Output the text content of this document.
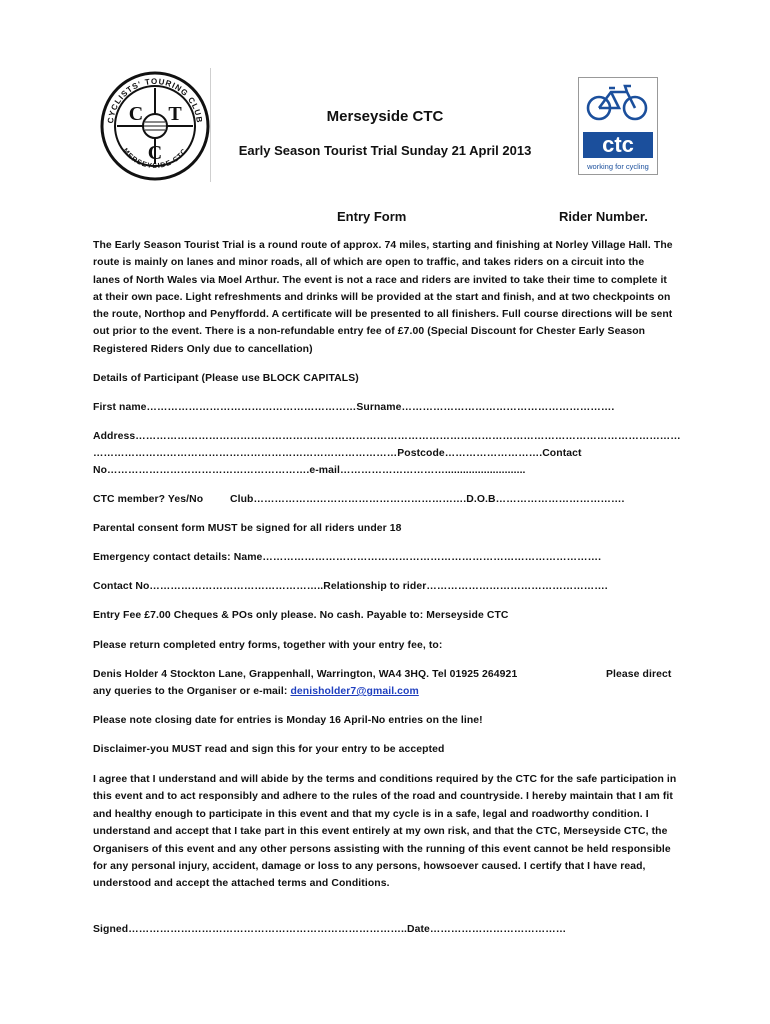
CYCLISTS' TOURING CLUB
MERSEYSIDE CTC
C T
C	ctc
working for cycling
Merseyside CTC
Early Season Tourist Trial Sunday 21 April 2013
Entry Form	Rider Number.
The Early Season Tourist Trial is a round route of approx. 74 miles, starting and finishing at Norley Village Hall. The route is mainly on lanes and minor roads, all of which are open to traffic, and takes riders on a circuit into the lanes of North Wales via Moel Arthur. The event is not a race and riders are invited to take their time to complete it at their own pace. Light refreshments and drinks will be provided at the start and finish, and at two checkpoints on the route, Northop and Penyffordd. A certificate will be presented to all finishers. Full course directions will be sent out prior to the event. There is a non-refundable entry fee of £7.00 (Special Discount for Chester Early Season Registered Riders Only due to cancellation)
Details of Participant (Please use BLOCK CAPITALS)
First name……………………………………………………Surname…………………………………………………….
Address…………………………………………………………………………………………………………………………………………
……………………………………………………………………………Postcode……………………….Contact
No………………………………………………….e-mail…………………………...........................
CTC member? Yes/No	Club…………………………………………………….D.O.B……………………………….
Parental consent form MUST be signed for all riders under 18
Emergency contact details: Name…………………………………………………………………………………….
Contact No…………………………………………..Relationship to rider…………………………………………….
Entry Fee £7.00 Cheques & POs only please. No cash. Payable to: Merseyside CTC
Please return completed entry forms, together with your entry fee, to:
Denis Holder 4 Stockton Lane, Grappenhall, Warrington, WA4 3HQ. Tel 01925 264921	Please direct
any queries to the Organiser or e-mail: denisholder7@gmail.com
Please note closing date for entries is Monday 16 April-No entries on the line!
Disclaimer-you MUST read and sign this for your entry to be accepted
I agree that I understand and will abide by the terms and conditions required by the CTC for the safe participation in this event and to act responsibly and adhere to the rules of the road and countryside. I hereby maintain that I am fit and healthy enough to participate in this event and that my cycle is in a safe, legal and roadworthy condition. I understand and accept that I take part in this event entirely at my own risk, and that the CTC, Merseyside CTC, the Organisers of this event and any other persons assisting with the running of this event cannot be held responsible for any personal injury, accident, damage or loss to any persons, howsoever caused. I certify that I have read, understood and accept the attached terms and Conditions.
Signed……………………………………………………………………..Date…………………………………
